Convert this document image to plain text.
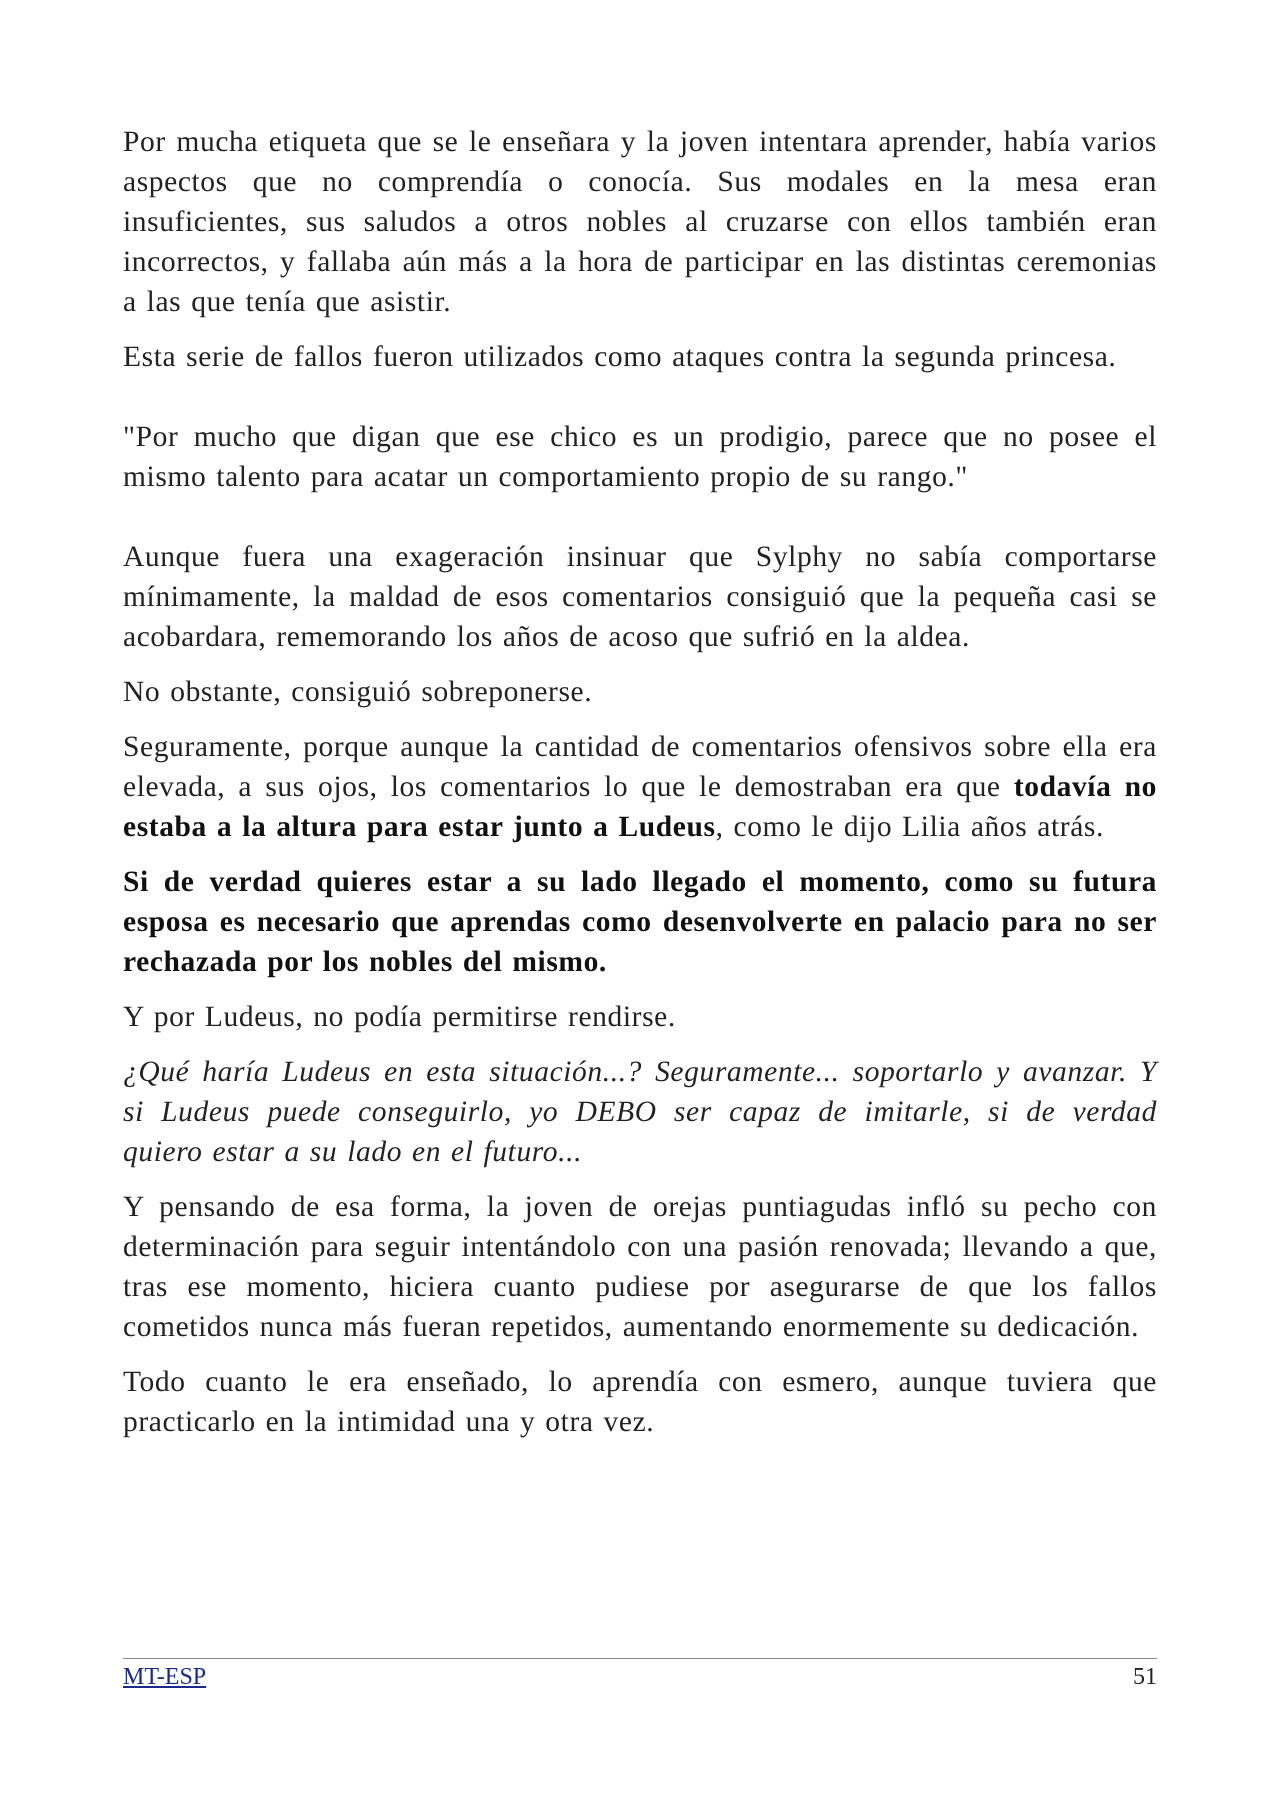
Por mucha etiqueta que se le enseñara y la joven intentara aprender, había varios aspectos que no comprendía o conocía. Sus modales en la mesa eran insuficientes, sus saludos a otros nobles al cruzarse con ellos también eran incorrectos, y fallaba aún más a la hora de participar en las distintas ceremonias a las que tenía que asistir.

Esta serie de fallos fueron utilizados como ataques contra la segunda princesa.

"Por mucho que digan que ese chico es un prodigio, parece que no posee el mismo talento para acatar un comportamiento propio de su rango."

Aunque fuera una exageración insinuar que Sylphy no sabía comportarse mínimamente, la maldad de esos comentarios consiguió que la pequeña casi se acobardara, rememorando los años de acoso que sufrió en la aldea.

No obstante, consiguió sobreponerse.

Seguramente, porque aunque la cantidad de comentarios ofensivos sobre ella era elevada, a sus ojos, los comentarios lo que le demostraban era que todavía no estaba a la altura para estar junto a Ludeus, como le dijo Lilia años atrás.

Si de verdad quieres estar a su lado llegado el momento, como su futura esposa es necesario que aprendas como desenvolverte en palacio para no ser rechazada por los nobles del mismo.

Y por Ludeus, no podía permitirse rendirse.

¿Qué haría Ludeus en esta situación...? Seguramente... soportarlo y avanzar. Y si Ludeus puede conseguirlo, yo DEBO ser capaz de imitarle, si de verdad quiero estar a su lado en el futuro...

Y pensando de esa forma, la joven de orejas puntiagudas infló su pecho con determinación para seguir intentándolo con una pasión renovada; llevando a que, tras ese momento, hiciera cuanto pudiese por asegurarse de que los fallos cometidos nunca más fueran repetidos, aumentando enormemente su dedicación.

Todo cuanto le era enseñado, lo aprendía con esmero, aunque tuviera que practicarlo en la intimidad una y otra vez.

MT-ESP	51
